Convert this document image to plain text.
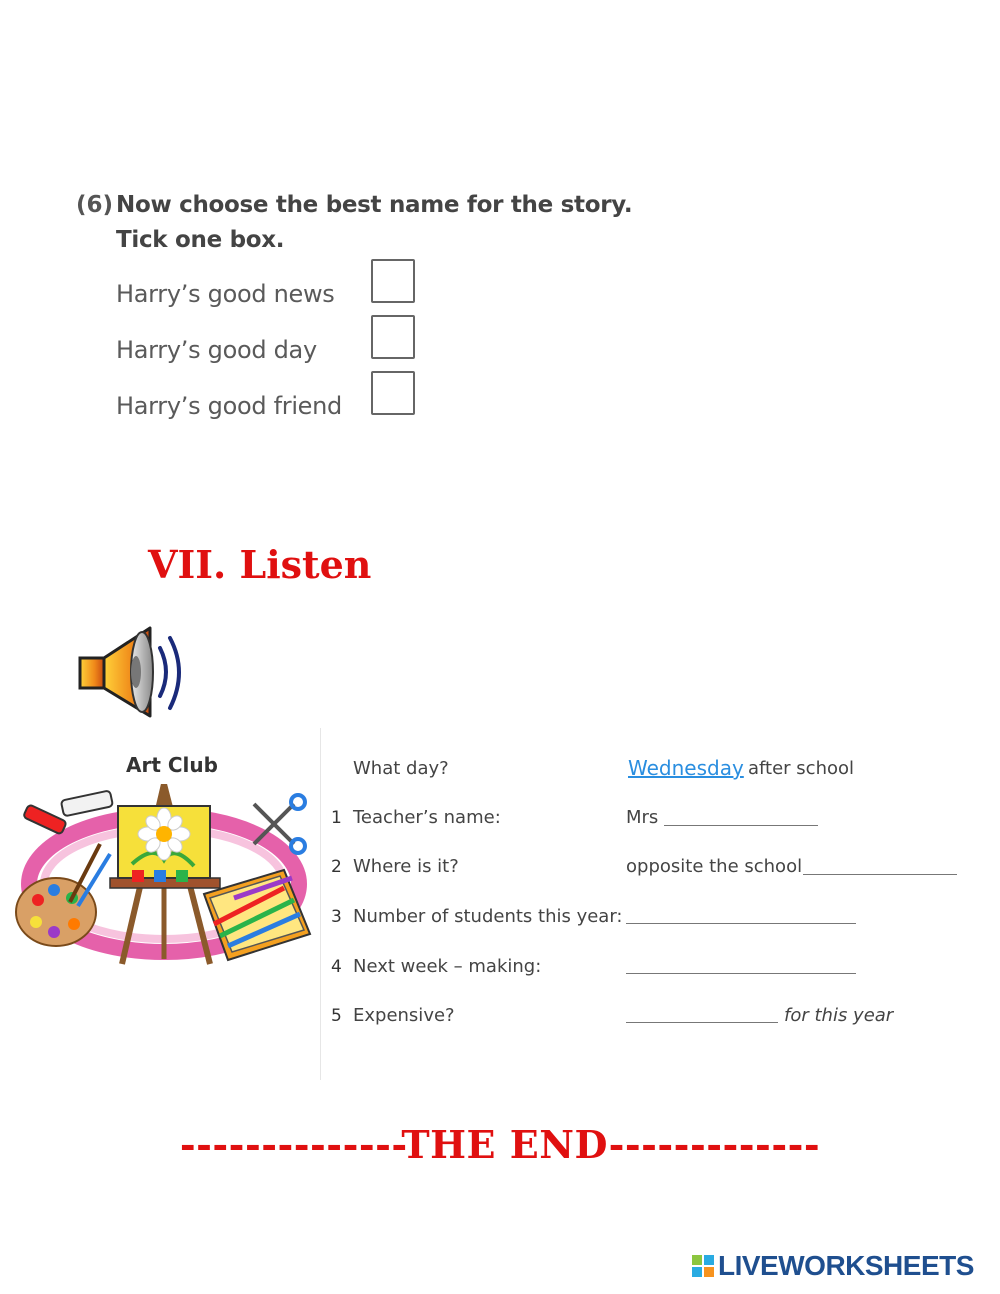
(6) Now choose the best name for the story.
Tick one box.
Harry’s good news
Harry’s good day
Harry’s good friend
VII. Listen
Art Club	What day?	Wednesday after school
1 Teacher’s name:	Mrs
2 Where is it?	opposite the school
3 Number of students this year:
4 Next week – making:
5 Expensive?	for this year
--------------THE END-------------
LIVEWORKSHEETS
